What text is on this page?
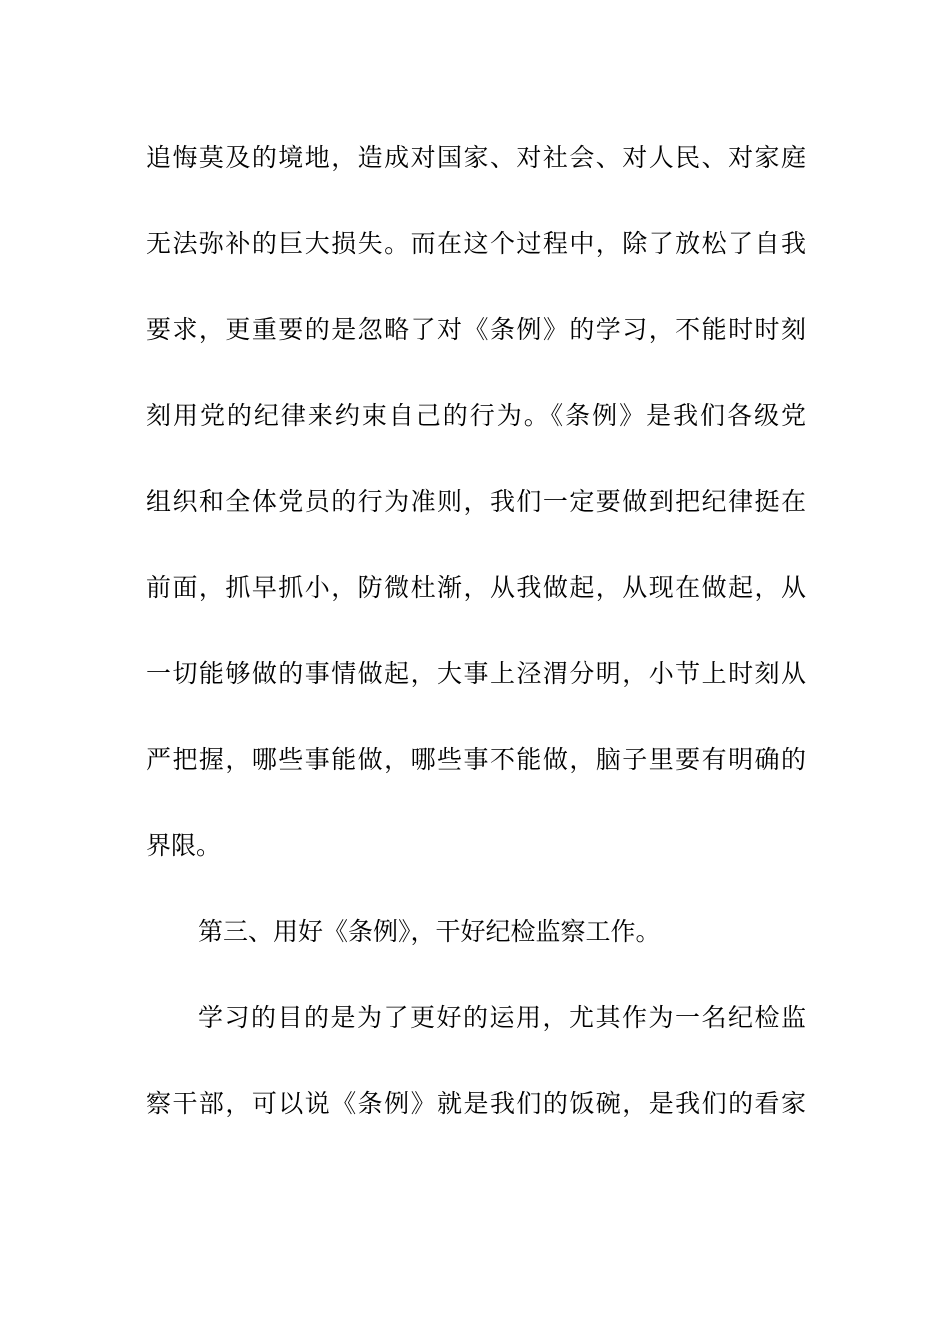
追悔莫及的境地，造成对国家、对社会、对人民、对家庭
无法弥补的巨大损失。而在这个过程中，除了放松了自我
要求，更重要的是忽略了对《条例》的学习，不能时时刻
刻用党的纪律来约束自己的行为。《条例》是我们各级党
组织和全体党员的行为准则，我们一定要做到把纪律挺在
前面，抓早抓小，防微杜渐，从我做起，从现在做起，从
一切能够做的事情做起，大事上泾渭分明，小节上时刻从
严把握，哪些事能做，哪些事不能做，脑子里要有明确的
界限。
第三、用好《条例》，干好纪检监察工作。
学习的目的是为了更好的运用，尤其作为一名纪检监
察干部，可以说《条例》就是我们的饭碗，是我们的看家
